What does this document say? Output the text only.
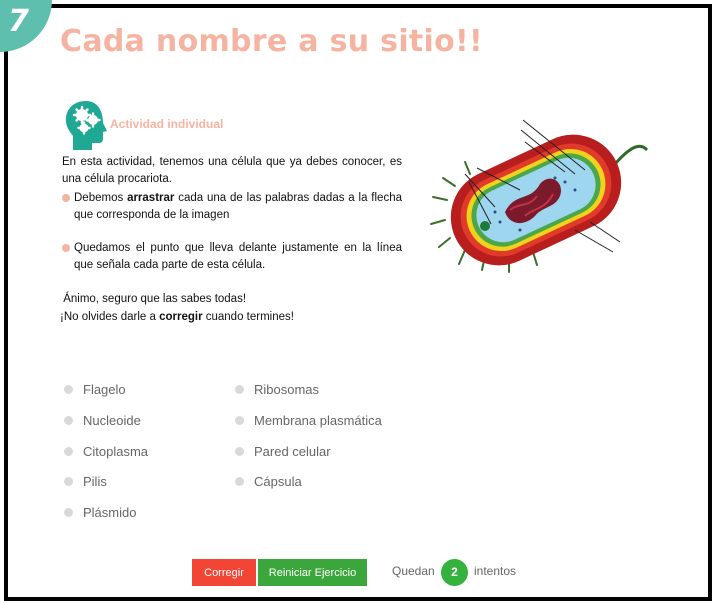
7
Cada nombre a su sitio!!
Actividad individual
En esta actividad, tenemos una célula que ya debes conocer, es una célula procariota.
Debemos arrastrar cada una de las palabras dadas a la flecha que corresponda de la imagen
Quedamos el punto que lleva delante justamente en la línea que señala cada parte de esta célula.
Ánimo, seguro que las sabes todas!
¡No olvides darle a corregir cuando termines!
Flagelo
Nucleoide
Citoplasma
Pilis
Plásmido
Ribosomas
Membrana plasmática
Pared celular
Cápsula
Corregir	Reiniciar Ejercicio	Quedan	2	intentos
